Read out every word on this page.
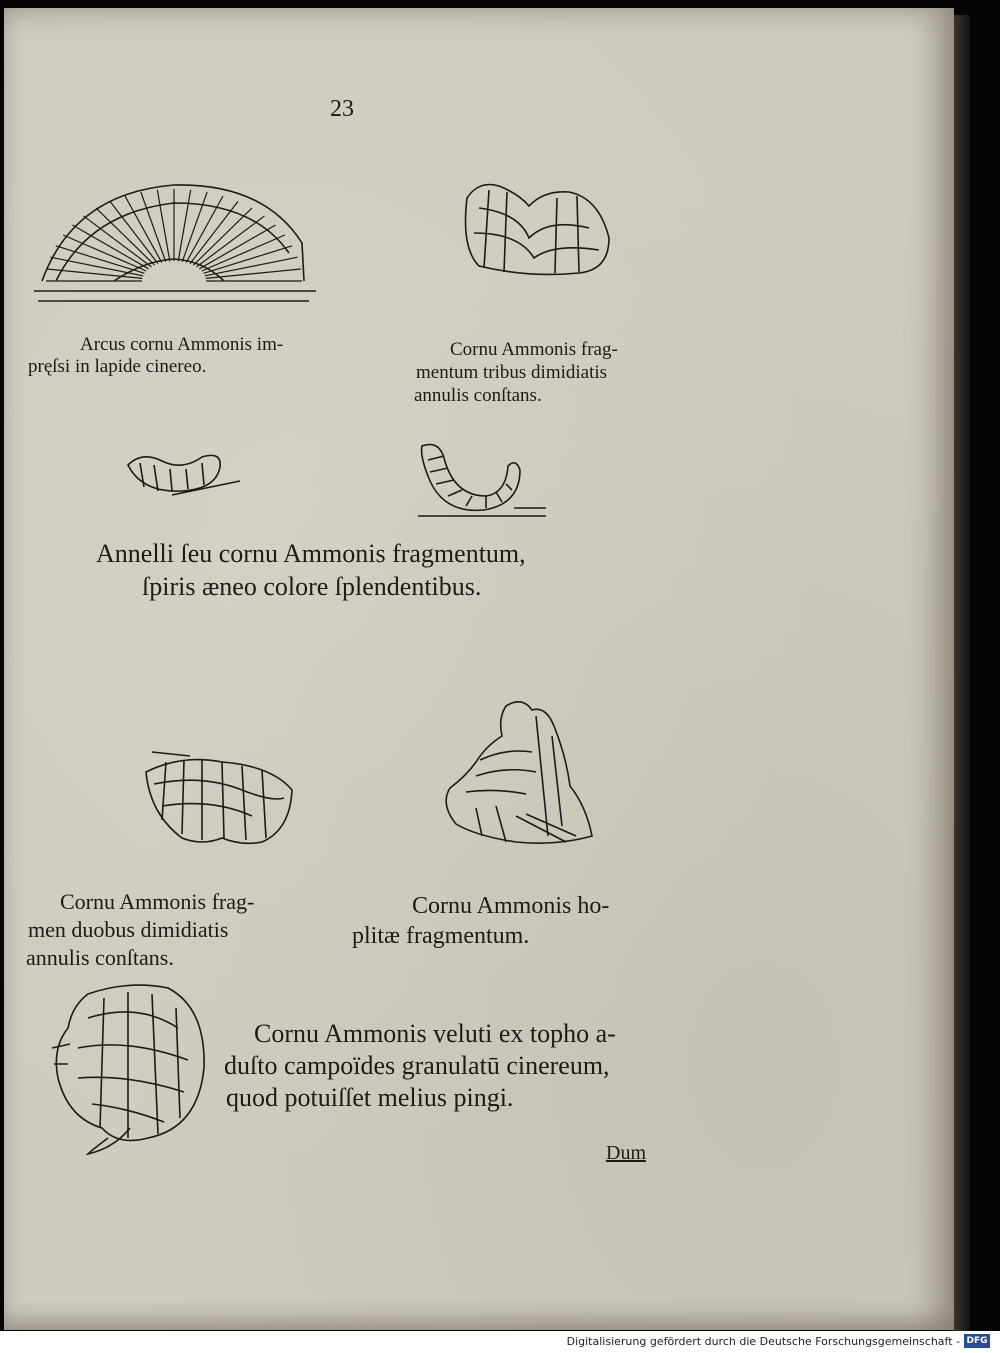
23
Arcus cornu Ammonis im-
pręſsi in lapide cinereo.
Cornu Ammonis frag-
mentum tribus dimidiatis
annulis conſtans.
Annelli ſeu cornu Ammonis fragmentum,
ſpiris æneo colore ſplendentibus.
Cornu Ammonis frag-
men duobus dimidiatis
annulis conſtans.
Cornu Ammonis ho-
plitæ fragmentum.
Cornu Ammonis veluti ex topho a-
duſto campoïdes granulatū cinereum,
quod potuiſſet melius pingi.
Dum
Digitalisierung gefördert durch die Deutsche Forschungsgemeinschaft - DFG
